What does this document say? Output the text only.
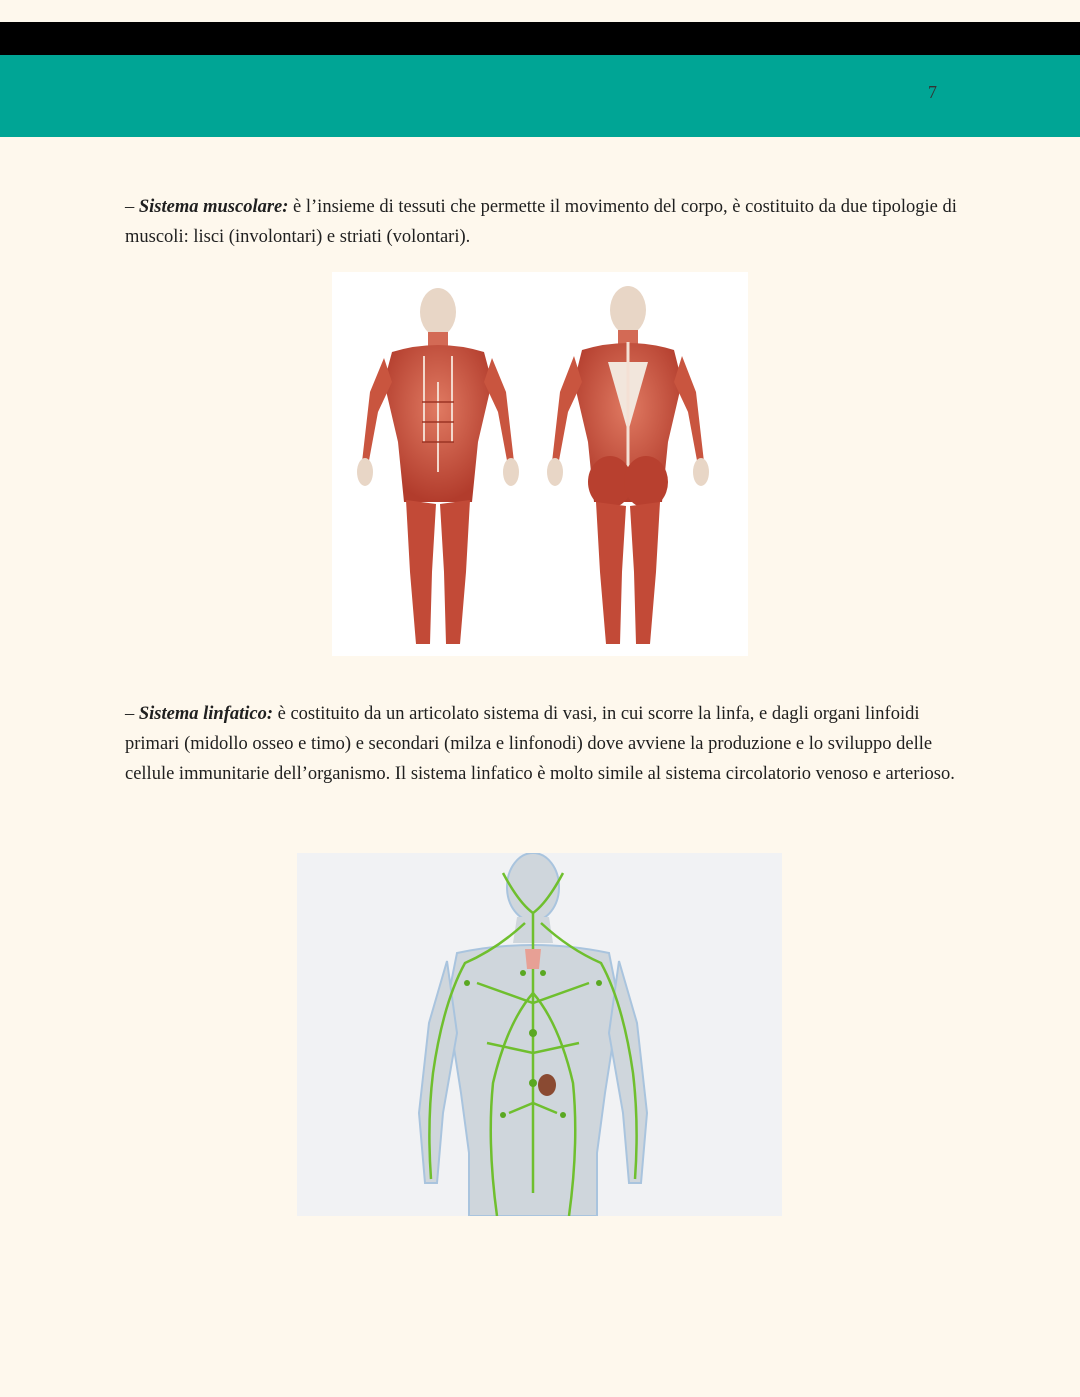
7

– Sistema muscolare: è l’insieme di tessuti che permette il movimento del corpo, è costituito da due tipologie di muscoli: lisci (involontari) e striati (volontari).

– Sistema linfatico: è costituito da un articolato sistema di vasi, in cui scorre la linfa, e dagli organi linfoidi primari (midollo osseo e timo) e secondari (milza e linfonodi) dove avviene la produzione e lo sviluppo delle cellule immunitarie dell’organismo. Il sistema linfatico è molto simile al sistema circolatorio venoso e arterioso.
